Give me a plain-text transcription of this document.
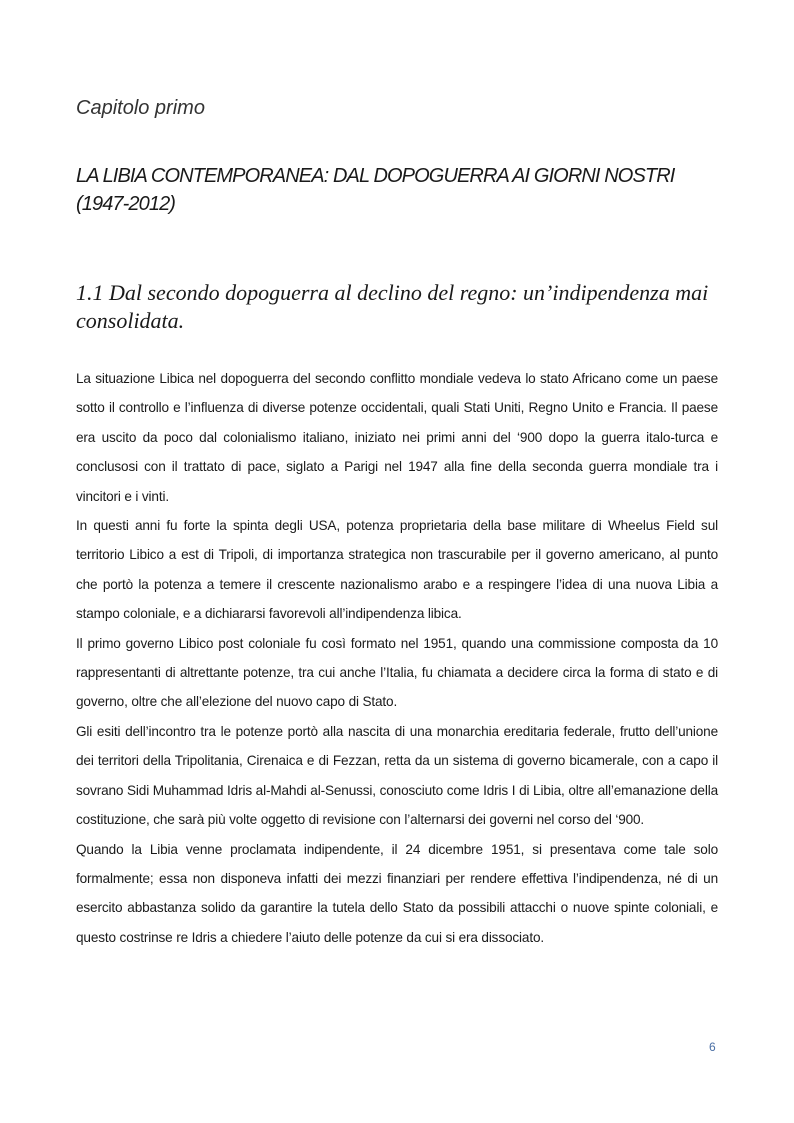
Capitolo primo
LA LIBIA CONTEMPORANEA: DAL DOPOGUERRA AI GIORNI NOSTRI (1947-2012)
1.1 Dal secondo dopoguerra al declino del regno: un’indipendenza mai consolidata.

La situazione Libica nel dopoguerra del secondo conflitto mondiale vedeva lo stato Africano come un paese sotto il controllo e l’influenza di diverse potenze occidentali, quali Stati Uniti, Regno Unito e Francia. Il paese era uscito da poco dal colonialismo italiano, iniziato nei primi anni del ‘900 dopo la guerra italo-turca e conclusosi con il trattato di pace, siglato a Parigi nel 1947 alla fine della seconda guerra mondiale tra i vincitori e i vinti.

In questi anni fu forte la spinta degli USA, potenza proprietaria della base militare di Wheelus Field sul territorio Libico a est di Tripoli, di importanza strategica non trascurabile per il governo americano, al punto che portò la potenza a temere il crescente nazionalismo arabo e a respingere l’idea di una nuova Libia a stampo coloniale, e a dichiararsi favorevoli all’indipendenza libica.

Il primo governo Libico post coloniale fu così formato nel 1951, quando una commissione composta da 10 rappresentanti di altrettante potenze, tra cui anche l’Italia, fu chiamata a decidere circa la forma di stato e di governo, oltre che all’elezione del nuovo capo di Stato.

Gli esiti dell’incontro tra le potenze portò alla nascita di una monarchia ereditaria federale, frutto dell’unione dei territori della Tripolitania, Cirenaica e di Fezzan, retta da un sistema di governo bicamerale, con a capo il sovrano Sidi Muhammad Idris al-Mahdi al-Senussi, conosciuto come Idris I di Libia, oltre all’emanazione della costituzione, che sarà più volte oggetto di revisione con l’alternarsi dei governi nel corso del ‘900.

Quando la Libia venne proclamata indipendente, il 24 dicembre 1951, si presentava come tale solo formalmente; essa non disponeva infatti dei mezzi finanziari per rendere effettiva l’indipendenza, né di un esercito abbastanza solido da garantire la tutela dello Stato da possibili attacchi o nuove spinte coloniali, e questo costrinse re Idris a chiedere l’aiuto delle potenze da cui si era dissociato.

6
